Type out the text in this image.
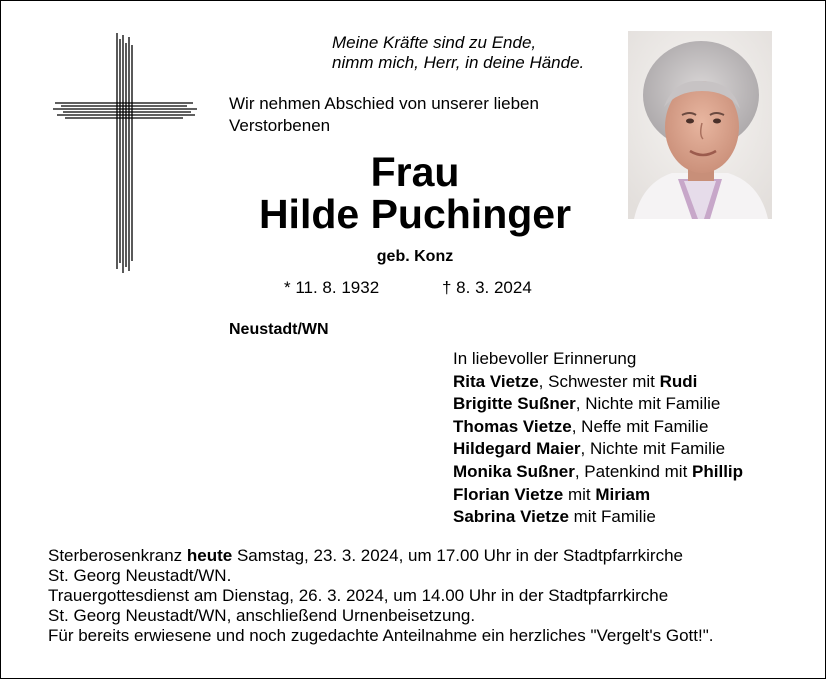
Meine Kräfte sind zu Ende,
nimm mich, Herr, in deine Hände.
Wir nehmen Abschied von unserer lieben
Verstorbenen
Frau
Hilde Puchinger
geb. Konz
* 11. 8. 1932	† 8. 3. 2024
Neustadt/WN
In liebevoller Erinnerung
Rita Vietze, Schwester mit Rudi
Brigitte Sußner, Nichte mit Familie
Thomas Vietze, Neffe mit Familie
Hildegard Maier, Nichte mit Familie
Monika Sußner, Patenkind mit Phillip
Florian Vietze mit Miriam
Sabrina Vietze mit Familie
Sterberosenkranz heute Samstag, 23. 3. 2024, um 17.00 Uhr in der Stadtpfarrkirche
St. Georg Neustadt/WN.
Trauergottesdienst am Dienstag, 26. 3. 2024, um 14.00 Uhr in der Stadtpfarrkirche
St. Georg Neustadt/WN, anschließend Urnenbeisetzung.
Für bereits erwiesene und noch zugedachte Anteilnahme ein herzliches "Vergelt's Gott!".
